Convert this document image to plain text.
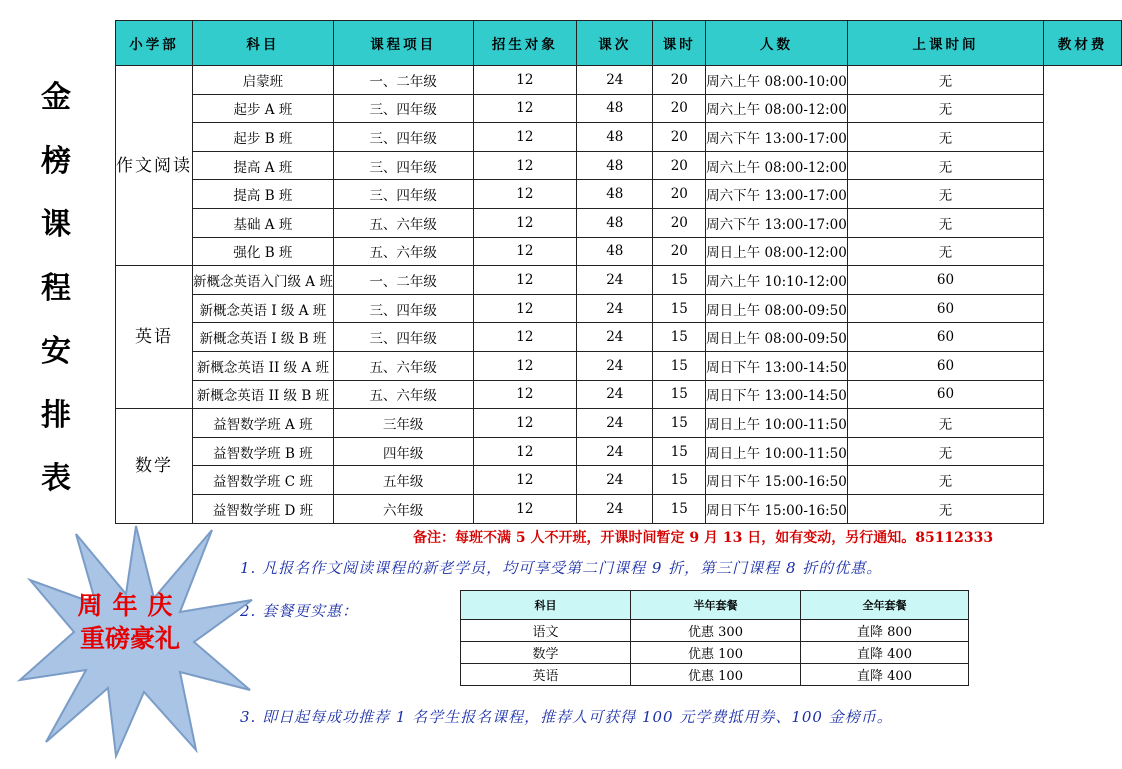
金
榜
课
程
安
排
表
小学部	科目	课程项目	招生对象	课次	课时	人数	上课时间	教材费
作文阅读	启蒙班	一、二年级	12	24	20	周六上午 08:00-10:00	无	
	起步 A 班	三、四年级	12	48	20	周六上午 08:00-12:00	无	
	起步 B 班	三、四年级	12	48	20	周六下午 13:00-17:00	无	
	提高 A 班	三、四年级	12	48	20	周六上午 08:00-12:00	无	
	提高 B 班	三、四年级	12	48	20	周六下午 13:00-17:00	无	
	基础 A 班	五、六年级	12	48	20	周六下午 13:00-17:00	无	
	强化 B 班	五、六年级	12	48	20	周日上午 08:00-12:00	无	
英语	新概念英语入门级 A 班	一、二年级	12	24	15	周六上午 10:10-12:00	60	
	新概念英语 I 级 A 班	三、四年级	12	24	15	周日上午 08:00-09:50	60	
	新概念英语 I 级 B 班	三、四年级	12	24	15	周日上午 08:00-09:50	60	
	新概念英语 II 级 A 班	五、六年级	12	24	15	周日下午 13:00-14:50	60	
	新概念英语 II 级 B 班	五、六年级	12	24	15	周日下午 13:00-14:50	60	
数学	益智数学班 A 班	三年级	12	24	15	周日上午 10:00-11:50	无	
	益智数学班 B 班	四年级	12	24	15	周日上午 10:00-11:50	无	
	益智数学班 C 班	五年级	12	24	15	周日下午 15:00-16:50	无	
	益智数学班 D 班	六年级	12	24	15	周日下午 15:00-16:50	无	
备注：每班不满 5 人不开班，开课时间暂定 9 月 13 日，如有变动，另行通知。85112333
1. 凡报名作文阅读课程的新老学员，均可享受第二门课程 9 折，第三门课程 8 折的优惠。
2. 套餐更实惠：
3. 即日起每成功推荐 1 名学生报名课程，推荐人可获得 100 元学费抵用券、100 金榜币。
周年庆
重磅豪礼
科目	半年套餐	全年套餐
语文	优惠 300	直降 800
数学	优惠 100	直降 400
英语	优惠 100	直降 400
